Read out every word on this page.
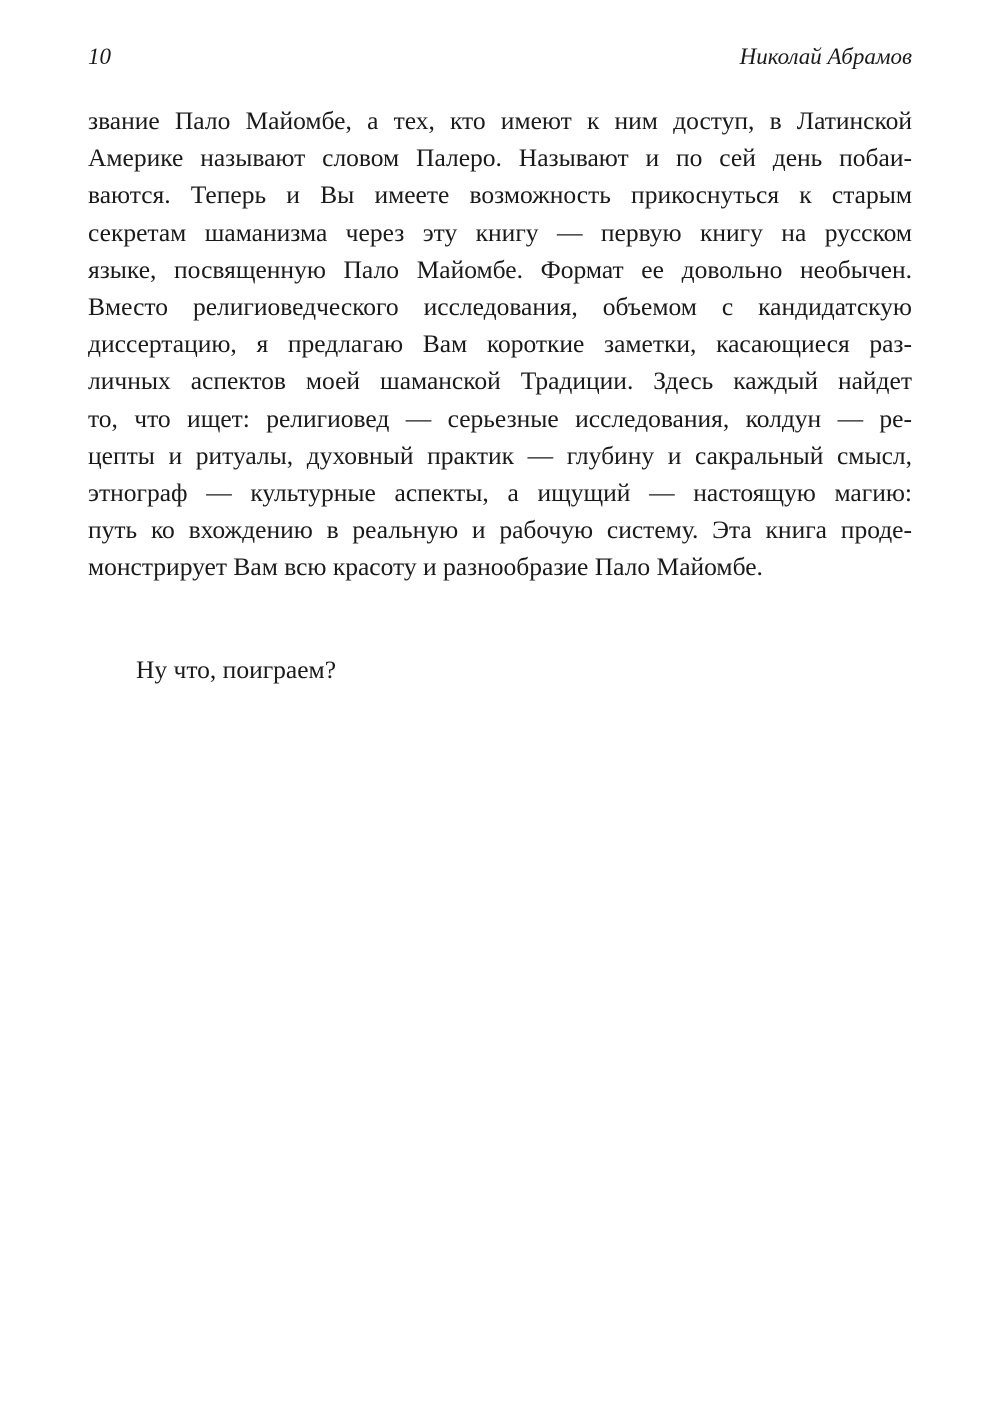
10	Николай Абрамов
звание Пало Майомбе, а тех, кто имеют к ним доступ, в Латинской
Америке называют словом Палеро. Называют и по сей день побаи-
ваются. Теперь и Вы имеете возможность прикоснуться к старым
секретам шаманизма через эту книгу — первую книгу на русском
языке, посвященную Пало Майомбе. Формат ее довольно необычен.
Вместо религиоведческого исследования, объемом с кандидатскую
диссертацию, я предлагаю Вам короткие заметки, касающиеся раз-
личных аспектов моей шаманской Традиции. Здесь каждый найдет
то, что ищет: религиовед — серьезные исследования, колдун — ре-
цепты и ритуалы, духовный практик — глубину и сакральный смысл,
этнограф — культурные аспекты, а ищущий — настоящую магию:
путь ко вхождению в реальную и рабочую систему. Эта книга проде-
монстрирует Вам всю красоту и разнообразие Пало Майомбе.
Ну что, поиграем?
